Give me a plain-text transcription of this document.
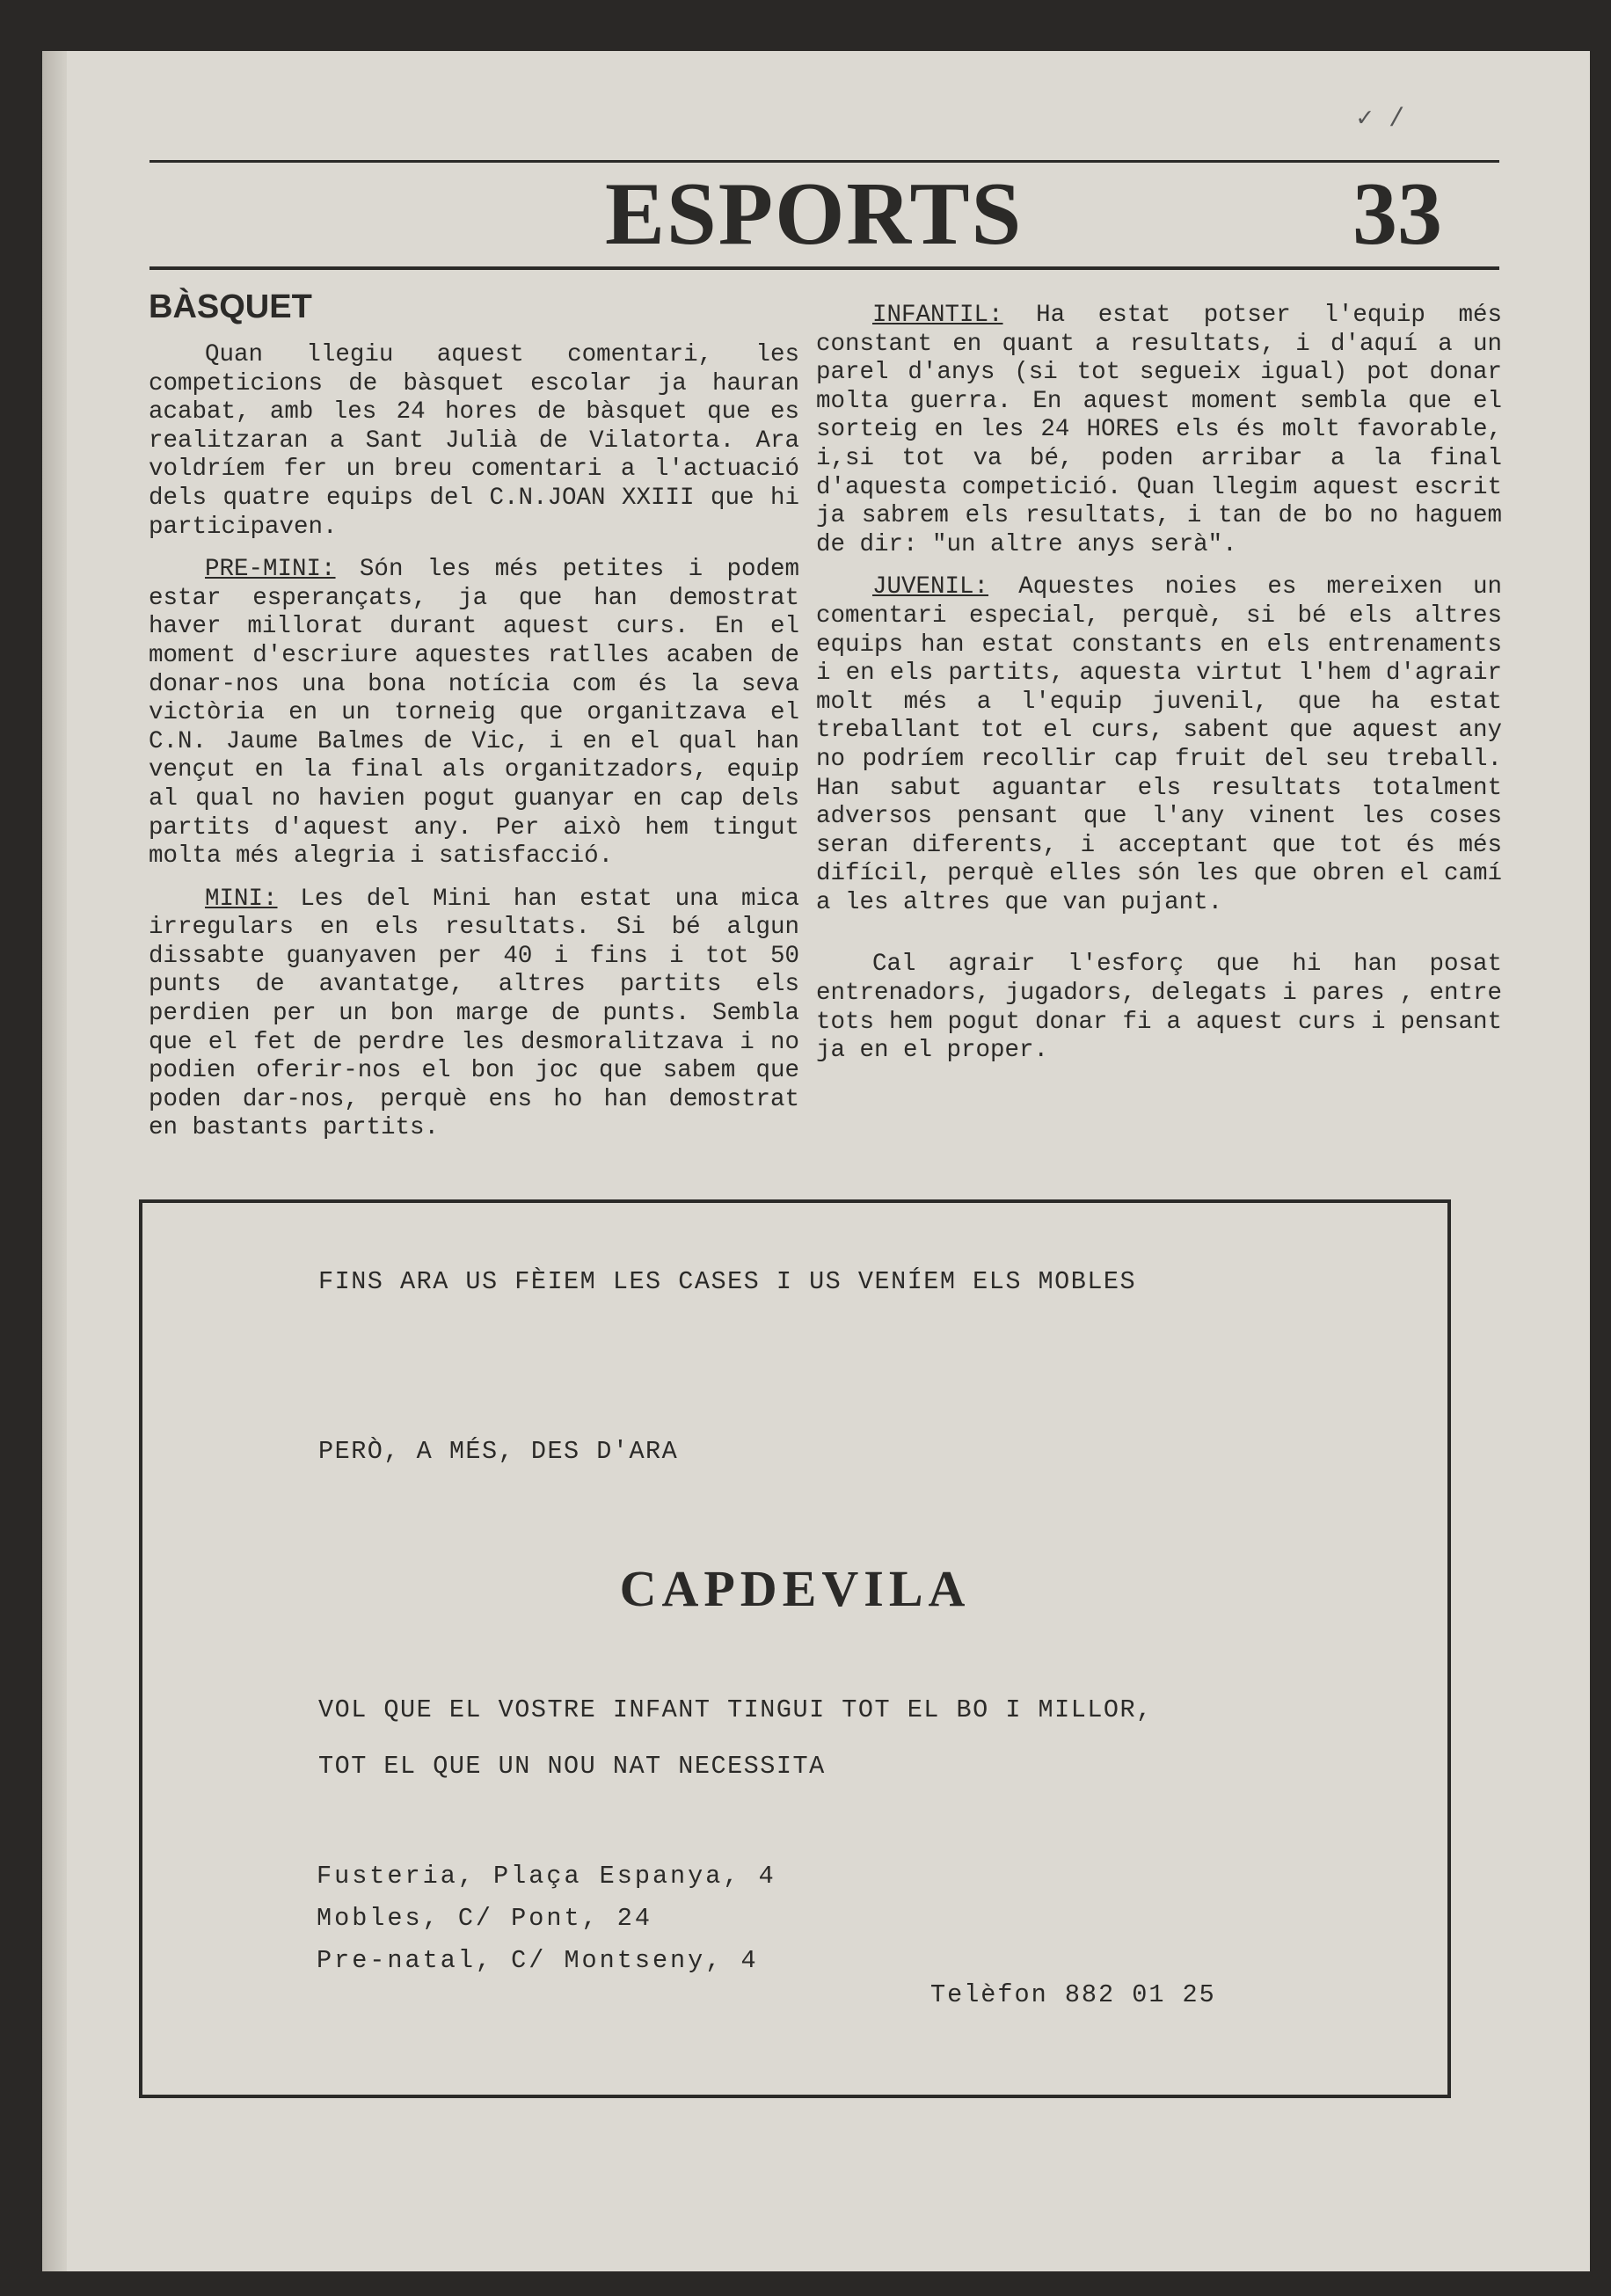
✓ /
ESPORTS	33
BÀSQUET

Quan llegiu aquest comentari, les competicions de bàsquet escolar ja hauran acabat, amb les 24 hores de bàsquet que es realitzaran a Sant Julià de Vilatorta. Ara voldríem fer un breu comentari a l'actuació dels quatre equips del C.N.JOAN XXIII que hi participaven.

PRE-MINI: Són les més petites i podem estar esperançats, ja que han demostrat haver millorat durant aquest curs. En el moment d'escriure aquestes ratlles acaben de donar-nos una bona notícia com és la seva victòria en un torneig que organitzava el C.N. Jaume Balmes de Vic, i en el qual han vençut en la final als organitzadors, equip al qual no havien pogut guanyar en cap dels partits d'aquest any. Per això hem tingut molta més alegria i satisfacció.

MINI: Les del Mini han estat una mica irregulars en els resultats. Si bé algun dissabte guanyaven per 40 i fins i tot 50 punts de avantatge, altres partits els perdien per un bon marge de punts. Sembla que el fet de perdre les desmoralitzava i no podien oferir-nos el bon joc que sabem que poden dar-nos, perquè ens ho han demostrat en bastants partits.

INFANTIL: Ha estat potser l'equip més constant en quant a resultats, i d'aquí a un parel d'anys (si tot segueix igual) pot donar molta guerra. En aquest moment sembla que el sorteig en les 24 HORES els és molt favorable, i,si tot va bé, poden arribar a la final d'aquesta competició. Quan llegim aquest escrit ja sabrem els resultats, i tan de bo no haguem de dir: "un altre anys serà".

JUVENIL: Aquestes noies es mereixen un comentari especial, perquè, si bé els altres equips han estat constants en els entrenaments i en els partits, aquesta virtut l'hem d'agrair molt més a l'equip juvenil, que ha estat treballant tot el curs, sabent que aquest any no podríem recollir cap fruit del seu treball. Han sabut aguantar els resultats totalment adversos pensant que l'any vinent les coses seran diferents, i acceptant que tot és més difícil, perquè elles són les que obren el camí a les altres que van pujant.

Cal agrair l'esforç que hi han posat entrenadors, jugadors, delegats i pares , entre tots hem pogut donar fi a aquest curs i pensant ja en el proper.

FINS ARA US FÈIEM LES CASES I US VENÍEM ELS MOBLES
PERÒ, A MÉS, DES D'ARA
CAPDEVILA
VOL QUE EL VOSTRE INFANT TINGUI TOT EL BO I MILLOR,
TOT EL QUE UN NOU NAT NECESSITA
Fusteria, Plaça Espanya, 4
Mobles, C/ Pont, 24
Pre-natal, C/ Montseny, 4
Telèfon 882 01 25
